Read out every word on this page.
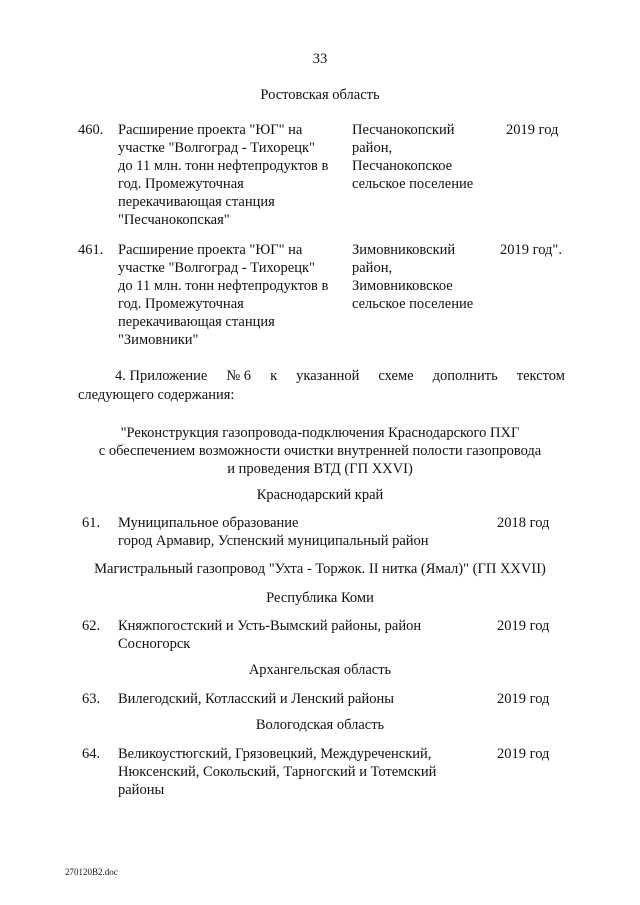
33
Ростовская область
460. Расширение проекта "ЮГ" на
участке "Волгоград - Тихорецк"
до 11 млн. тонн нефтепродуктов в
год. Промежуточная
перекачивающая станция
"Песчанокопская"
Песчанокопский
район,
Песчанокопское
сельское поселение
2019 год
461. Расширение проекта "ЮГ" на
участке "Волгоград - Тихорецк"
до 11 млн. тонн нефтепродуктов в
год. Промежуточная
перекачивающая станция
"Зимовники"
Зимовниковский
район,
Зимовниковское
сельское поселение
2019 год".
4. Приложение № 6 к указанной схеме дополнить текстом
следующего содержания:
"Реконструкция газопровода-подключения Краснодарского ПХГ
с обеспечением возможности очистки внутренней полости газопровода
и проведения ВТД (ГП XXVI)
Краснодарский край
61. Муниципальное образование
город Армавир, Успенский муниципальный район
2018 год
Магистральный газопровод "Ухта - Торжок. II нитка (Ямал)" (ГП XXVII)
Республика Коми
62. Княжпогостский и Усть-Вымский районы, район
Сосногорск
2019 год
Архангельская область
63. Вилегодский, Котласский и Ленский районы	2019 год
Вологодская область
64. Великоустюгский, Грязовецкий, Междуреченский,
Нюксенский, Сокольский, Тарногский и Тотемский
районы
2019 год
270120В2.doc
